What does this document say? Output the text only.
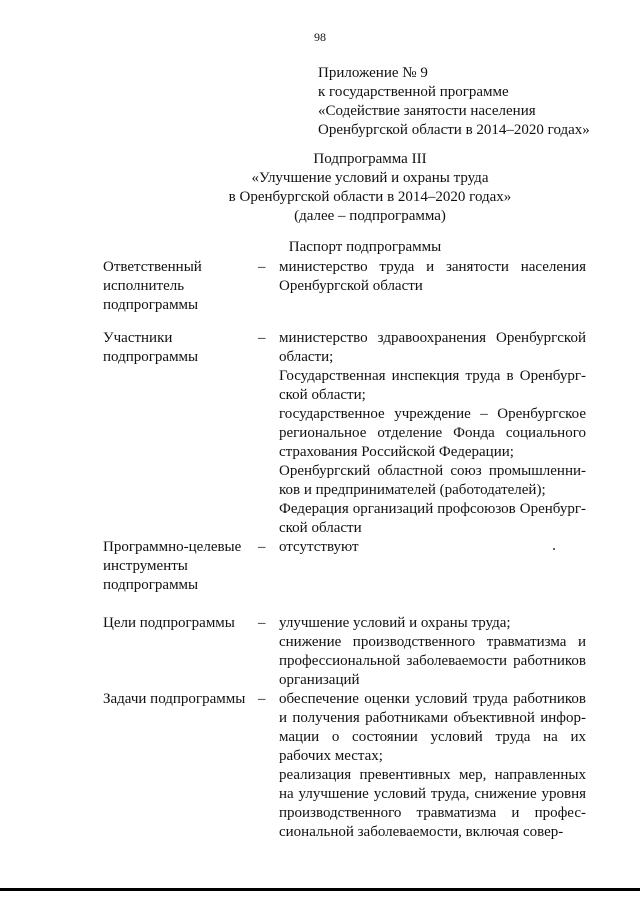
98
Приложение № 9
к государственной программе
«Содействие занятости населения
Оренбургской области в 2014–2020 годах»
Подпрограмма III
«Улучшение условий и охраны труда
в Оренбургской области в 2014–2020 годах»
(далее – подпрограмма)
Паспорт подпрограммы
Ответственный исполнитель подпрограммы
– министерство труда и занятости населения Оренбургской области

Участники подпрограммы
– министерство здравоохранения Оренбургской области;

Государственная инспекция труда в Оренбургской области;

государственное учреждение – Оренбургское региональное отделение Фонда социального страхования Российской Федерации;

Оренбургский областной союз промышленников и предпринимателей (работодателей);

Федерация организаций профсоюзов Оренбургской области

Программно-целевые инструменты подпрограммы
– отсутствуют

Цели подпрограммы	– улучшение условий и охраны труда;

снижение производственного травматизма и профессиональной заболеваемости работников организаций

Задачи подпрограммы – обеспечение оценки условий труда работников и получения работниками объективной информации о состоянии условий труда на их рабочих местах;

реализация превентивных мер, направленных на улучшение условий труда, снижение уровня производственного травматизма и профессиональной заболеваемости, включая совер-
